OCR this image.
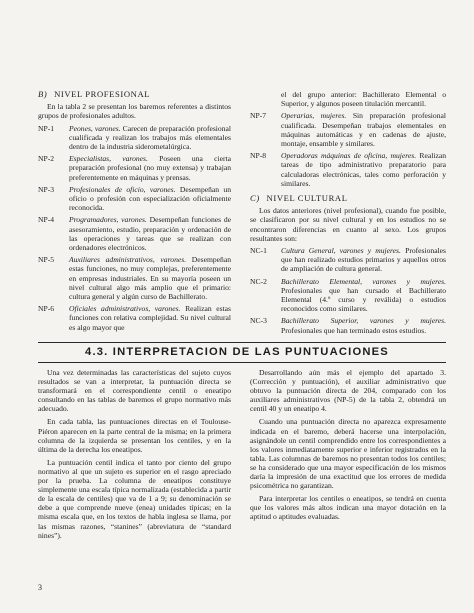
B) NIVEL PROFESIONAL

En la tabla 2 se presentan los baremos referentes a distintos grupos de profesionales adultos.

NP-1	Peones, varones. Carecen de preparación profesional cualificada y realizan los trabajos más elementales dentro de la industria siderometalúrgica.
NP-2	Especialistas, varones. Poseen una cierta preparación profesional (no muy extensa) y trabajan preferentemente en máquinas y prensas.
NP-3	Profesionales de oficio, varones. Desempeñan un oficio o profesión con especialización oficialmente reconocida.
NP-4	Programadores, varones. Desempeñan funciones de asesoramiento, estudio, preparación y ordenación de las operaciones y tareas que se realizan con ordenadores electrónicos.
NP-5	Auxiliares administrativos, varones. Desempeñan estas funciones, no muy complejas, preferentemente en empresas industriales. En su mayoría poseen un nivel cultural algo más amplio que el primario: cultura general y algún curso de Bachillerato.
NP-6	Oficiales administrativos, varones. Realizan estas funciones con relativa complejidad. Su nivel cultural es algo mayor que
el del grupo anterior: Bachillerato Elemental o Superior, y algunos poseen titulación mercantil.
NP-7	Operarias, mujeres. Sin preparación profesional cualificada. Desempeñan trabajos elementales en máquinas automáticas y en cadenas de ajuste, montaje, ensamble y similares.
NP-8	Operadoras máquinas de oficina, mujeres. Realizan tareas de tipo administrativo preparatorio para calculadoras electrónicas, tales como perforación y similares.
C) NIVEL CULTURAL

Los datos anteriores (nivel profesional), cuando fue posible, se clasificaron por su nivel cultural y en los estudios no se encontraron diferencias en cuanto al sexo. Los grupos resultantes son:

NC-1	Cultura General, varones y mujeres. Profesionales que han realizado estudios primarios y aquellos otros de ampliación de cultura general.
NC-2	Bachillerato Elemental, varones y mujeres. Profesionales que han cursado el Bachillerato Elemental (4.º curso y reválida) o estudios reconocidos como similares.
NC-3	Bachillerato Superior, varones y mujeres. Profesionales que han terminado estos estudios.
4.3. INTERPRETACION DE LAS PUNTUACIONES

Una vez determinadas las características del sujeto cuyos resultados se van a interpretar, la puntuación directa se transformará en el correspondiente centil o eneatipo consultando en las tablas de baremos el grupo normativo más adecuado.

En cada tabla, las puntuaciones directas en el Toulouse-Piéron aparecen en la parte central de la misma; en la primera columna de la izquierda se presentan los centiles, y en la última de la derecha los eneatipos.

La puntuación centil indica el tanto por ciento del grupo normativo al que un sujeto es superior en el rasgo apreciado por la prueba. La columna de eneatipos constituye simplemente una escala típica normalizada (establecida a partir de la escala de centiles) que va de 1 a 9; su denominación se debe a que comprende nueve (enea) unidades típicas; en la misma escala que, en los textos de habla inglesa se llama, por las mismas razones, “stanines” (abreviatura de “standard nines”).

Desarrollando aún más el ejemplo del apartado 3. (Corrección y puntuación), el auxiliar administrativo que obtuvo la puntuación directa de 204, comparado con los auxiliares administrativos (NP-5) de la tabla 2, obtendrá un centil 40 y un eneatipo 4.

Cuando una puntuación directa no aparezca expresamente indicada en el baremo, deberá hacerse una interpolación, asignándole un centil comprendido entre los correspondientes a los valores inmediatamente superior e inferior registrados en la tabla. Las columnas de baremos no presentan todos los centiles; se ha considerado que una mayor especificación de los mismos daría la impresión de una exactitud que los errores de medida psicométrica no garantizan.

Para interpretar los centiles o eneatipos, se tendrá en cuenta que los valores más altos indican una mayor dotación en la aptitud o aptitudes evaluadas.

3
